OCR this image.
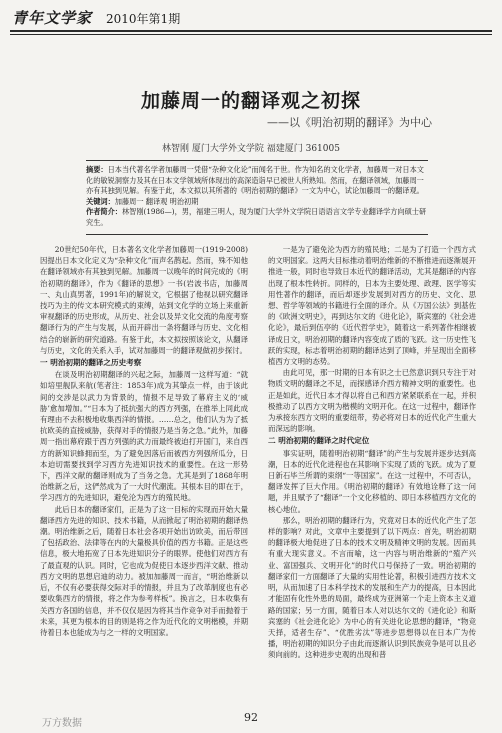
青年文学家 2010年第1期
加藤周一的翻译观之初探
——以《明治初期的翻译》为中心
林智刚 厦门大学外文学院 福建厦门 361005

摘要：日本当代著名学者加藤周一凭借“杂种文化论”而闻名于世。作为知名的文化学者，加藤周一对日本文化的敏锐洞察力及其在日本文学领域所体现出的高深造诣早已被世人所熟知。然而，在翻译领域，加藤周一亦有其独到见解。有鉴于此，本文拟以其所著的《明治初期的翻译》一文为中心，试论加藤周一的翻译观。

关键词：加藤周一 翻译观 明治初期

作者简介：林智刚(1986—)，男，福建三明人，现为厦门大学外文学院日语语言文学专业翻译学方向硕士研究生。

20世纪50年代，日本著名文化学者加藤周一(1919-2008)因提出日本文化定义为“杂种文化”而声名鹊起。然而，殊不知他在翻译领域亦有其独到见解。加藤周一以晚年的时间完成的《明治初期的翻译》，作为《翻译的思想》一书(岩波书店，加藤周一、丸山真男著，1991年)的解说文，它根据了他视以研究翻译技巧为主的传文本研究模式的束缚，站到文化学的立场上来重新审视翻译的历史形成，从历史、社会以及异文化交流的角度考察翻译行为的产生与发展，从而开辟出一条将翻译与历史、文化相结合的崭新的研究道路。有鉴于此，本文拟按照该论文，从翻译与历史，文化的关系入手，试对加藤周一的翻译观做初步探讨。

一 明治初期的翻译之历史考察

在谈及明治初期翻译的兴起之际，加藤周一这样写道：“就如培里舰队来航(笔者注：1853年)成为其肇点一样，由于该此间的交涉是以武力为背景的，情报不足导致了幕府主义的‘威胁’愈加增加。”“日本为了抵抗强大的西方列强，在推举上同此成有理由不去积极地收集西洋的情报。……总之，他们认为为了抵抗欧美的直接威胁，获得对手的情报乃是当务之急。”此外，加藤周一指出幕府跟于西方列强的武力而最终被迫打开国门，来自西方的新知识蜂拥而至，为了避免因落后而被西方列强所瓜分，日本迫切需要找到学习西方先进知识技术的重要性。在这一形势下，西洋文献的翻译则成为了当务之急。尤其是到了1868年明治维新之后，这俨然成为了一大时代潮流。其根本目的即在于，学习西方的先进知识，避免沦为西方的殖民地。

此后日本的翻译家们，正是为了这一目标的实现而开始大量翻译西方先进的知识、技术书籍，从而掀起了明治初期的翻译热潮。明治维新之后，随着日本社会各项开始出访欧美，而后带回了包括政治、法律等在内的大量极具价值的西方书籍。正是这些信息，极大地拓宽了日本先进知识分子的眼界。使他们对西方有了最直观的认识。同时，它也成为促使日本逐步西洋文献、推动西方文明的思想启迪的动力。被加加藤周一而言，“明治维新以后，不仅有必要获得交际对手的情报，并且为了改革制度也有必要收集西方的情报，将之作为参考样板”。换言之，日本收集有关西方各国的信息，并不仅仅是因为将其当作竞争对手而抛着于未来，其更为根本的目的则是将之作为近代化的文明楷模，并期待着日本也能成为与之一样的文明国家。

一是为了避免沦为西方的殖民地；二是为了打造一个西方式的文明国家。这两大目标推动着明治维新的不断推进而逐渐展开推进一般，同时也导致日本近代的翻译活动，尤其是翻译的内容出现了根本性转折。同样的，日本为主要处理、政理、医学等实用性著作的翻译，而后却逐步发展到对西方的历史、文化、思想、哲学等领域的书籍进行全面的译介。从《万国公法》到基佐的《欧洲文明史》，再到达尔文的《进化论》，斯宾塞的《社会进化论》，最后到伍亭的《近代哲学史》，随着这一系列著作相继被译成日文，明治初期的翻译内容变成了质的飞跃。这一历史性飞跃的实现，标志着明治初期的翻译达到了顶峰，并呈现出全面移植西方文明的态势。

由此可见，那一时期的日本有识之士已然意识到只专注于对物质文明的翻译之不足，而探感译介西方精神文明的重要性。也正是如此，近代日本才得以将自己和西方紧紧联系在一起，并积极推动了以西方文明为楷模的文明开化。在这一过程中，翻译作为承接东西方文明的重要纽带，势必将对日本的近代化产生重大而深远的影响。

二 明治初期的翻译之时代定位

事实证明，随着明治初期“翻译”的产生与发展并逐步达到高潮，日本的近代化进程也在其影响下实现了质的飞跃。成为了夏日新石毕兰所谓的束纲“一等国家”。在这一过程中，不可否认，翻译发挥了巨大作用。《明治初期的翻译》有效地诠释了这一问题，并且赋予了“翻译”一个文化移植的、即日本移植西方文化的核心地位。

那么，明治初期的翻译行为，究竟对日本的近代化产生了怎样的影响？对此，文章中主要提到了以下两点：首先，明治初期的翻译极大地促进了日本的技术文明及精神文明的发展。因而具有重大现实意义。不言而喻，这一内容与明治维新的“殖产兴业、富国强兵、文明开化”的时代口号保持了一致。明治初期的翻译家们一方面翻译了大量的实用性论著，积极引进西方技术文明，从而加速了日本科学技术的发展和生产力的提高，日本因此才能固有化性外患的局面，最终成为亚洲第一个走上资本主义道路的国家；另一方面，随着日本人对以达尔文的《进化论》和斯宾塞的《社会进化论》为中心的有关进化论思想的翻译，“物竞天择，适者生存”、“优胜劣汰”等进步思想得以在日本广为传播，明治初期的知识分子由此而逐渐认识到民族竞争是可以且必须向前的。这种进步史观的出现和普

万方数据	92
